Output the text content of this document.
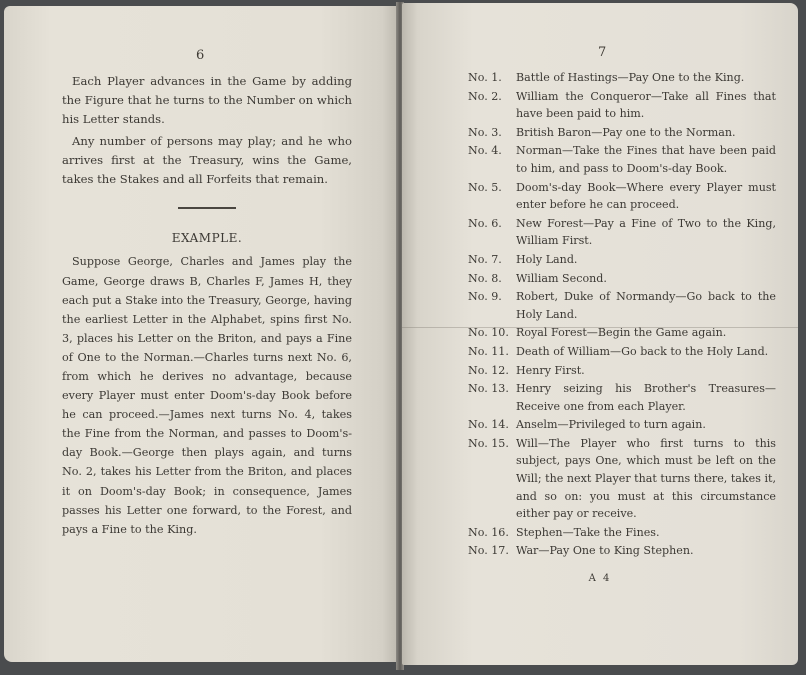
6

Each Player advances in the Game by adding the Figure that he turns to the Number on which his Letter stands.

Any number of persons may play; and he who arrives first at the Treasury, wins the Game, takes the Stakes and all Forfeits that remain.

EXAMPLE.

Suppose George, Charles and James play the Game, George draws B, Charles F, James H, they each put a Stake into the Treasury, George, having the earliest Letter in the Alphabet, spins first No. 3, places his Letter on the Briton, and pays a Fine of One to the Norman.—Charles turns next No. 6, from which he derives no advantage, because every Player must enter Doom's-day Book before he can proceed.—James next turns No. 4, takes the Fine from the Norman, and passes to Doom's-day Book.—George then plays again, and turns No. 2, takes his Letter from the Briton, and places it on Doom's-day Book; in consequence, James passes his Letter one forward, to the Forest, and pays a Fine to the King.

7
No. 1.	Battle of Hastings—Pay One to the King.
No. 2.	William the Conqueror—Take all Fines that have been paid to him.
No. 3.	British Baron—Pay one to the Norman.
No. 4.	Norman—Take the Fines that have been paid to him, and pass to Doom's-day Book.
No. 5.	Doom's-day Book—Where every Player must enter before he can proceed.
No. 6.	New Forest—Pay a Fine of Two to the King, William First.
No. 7.	Holy Land.
No. 8.	William Second.
No. 9.	Robert, Duke of Normandy—Go back to the Holy Land.
No. 10. Royal Forest—Begin the Game again.
No. 11. Death of William—Go back to the Holy Land.
No. 12. Henry First.
No. 13. Henry seizing his Brother's Treasures—Receive one from each Player.
No. 14. Anselm—Privileged to turn again.
No. 15. Will—The Player who first turns to this subject, pays One, which must be left on the Will; the next Player that turns there, takes it, and so on: you must at this circumstance either pay or receive.
No. 16. Stephen—Take the Fines.
No. 17. War—Pay One to King Stephen.
A 4
